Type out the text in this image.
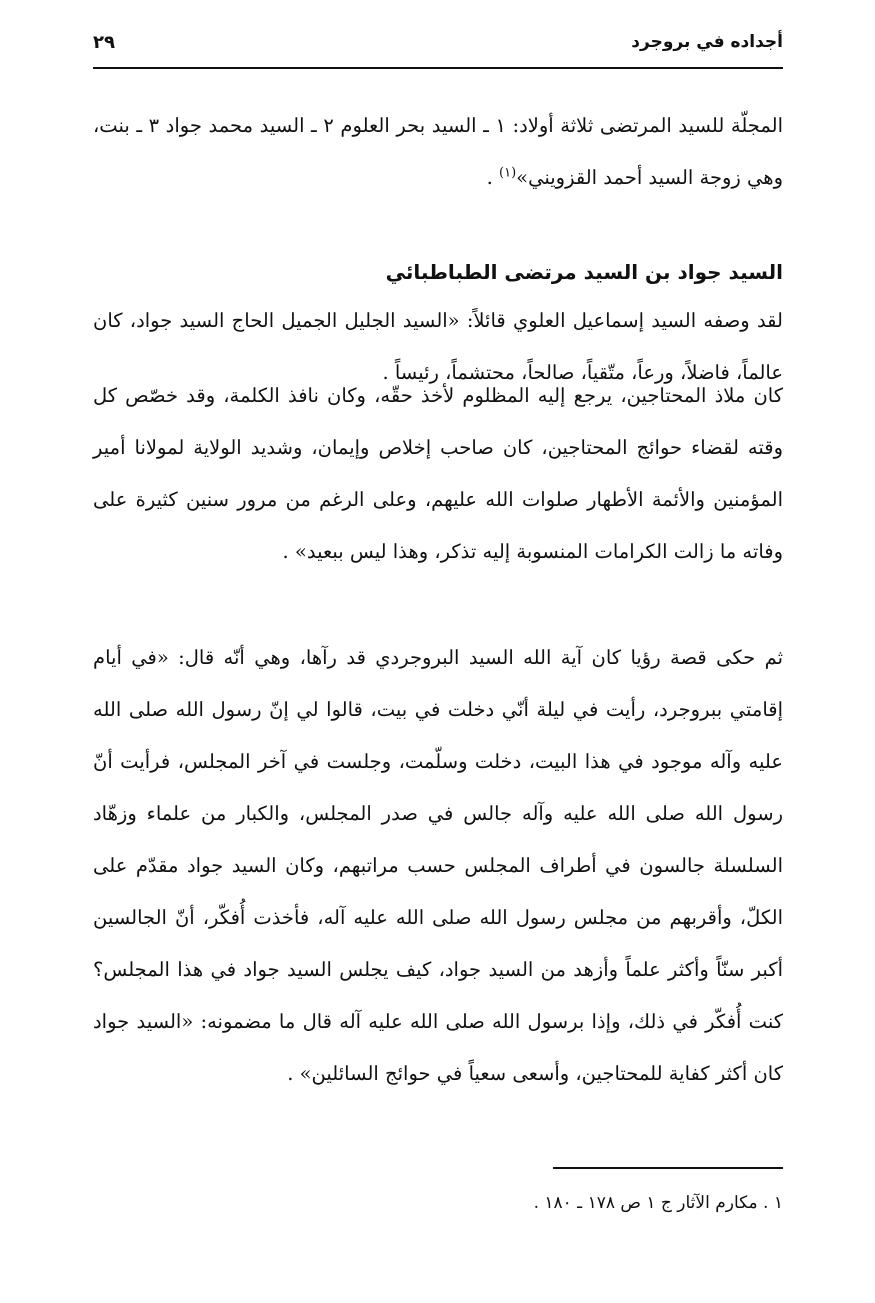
أجداده في بروجرد
٢٩
المجلّة للسيد المرتضى ثلاثة أولاد: ١ ـ السيد بحر العلوم ٢ ـ السيد محمد جواد ٣ ـ بنت، وهي زوجة السيد أحمد القزويني»$^{(١)}$ .
السيد جواد بن السيد مرتضى الطباطبائي
لقد وصفه السيد إسماعيل العلوي قائلاً: «السيد الجليل الجميل الحاج السيد جواد، كان عالماً، فاضلاً، ورعاً، متّقياً، صالحاً، محتشماً، رئيساً .
كان ملاذ المحتاجين، يرجع إليه المظلوم لأخذ حقّه، وكان نافذ الكلمة، وقد خصّص كل وقته لقضاء حوائج المحتاجين، كان صاحب إخلاص وإيمان، وشديد الولاية لمولانا أمير المؤمنين والأئمة الأطهار صلوات الله عليهم، وعلى الرغم من مرور سنين كثيرة على وفاته ما زالت الكرامات المنسوبة إليه تذكر، وهذا ليس ببعيد» .
ثم حكى قصة رؤيا كان آية الله السيد البروجردي قد رآها، وهي أنّه قال: «في أيام إقامتي ببروجرد، رأيت في ليلة أنّي دخلت في بيت، قالوا لي إنّ رسول الله صلى الله عليه وآله موجود في هذا البيت، دخلت وسلّمت، وجلست في آخر المجلس، فرأيت أنّ رسول الله صلى الله عليه وآله جالس في صدر المجلس، والكبار من علماء وزهّاد السلسلة جالسون في أطراف المجلس حسب مراتبهم، وكان السيد جواد مقدّم على الكلّ، وأقربهم من مجلس رسول الله صلى الله عليه آله، فأخذت أُفكّر، أنّ الجالسين أكبر سنّاً وأكثر علماً وأزهد من السيد جواد، كيف يجلس السيد جواد في هذا المجلس؟ كنت أُفكّر في ذلك، وإذا برسول الله صلى الله عليه آله قال ما مضمونه: «السيد جواد كان أكثر كفاية للمحتاجين، وأسعى سعياً في حوائج السائلين» .
١ . مكارم الآثار ج ١ ص ١٧٨ ـ ١٨٠ .
